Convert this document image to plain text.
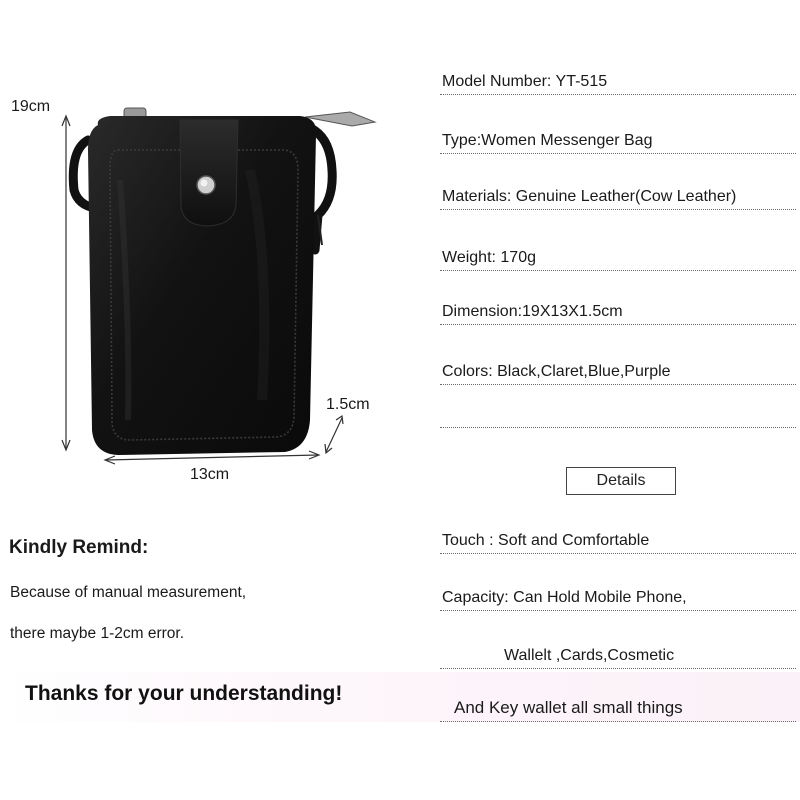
19cm
13cm
1.5cm
Model Number: YT-515
Type:Women Messenger Bag
Materials: Genuine Leather(Cow Leather)
Weight: 170g
Dimension:19X13X1.5cm
Colors: Black,Claret,Blue,Purple
Details
Touch : Soft and Comfortable
Capacity: Can Hold Mobile Phone,
Wallelt ,Cards,Cosmetic
And Key wallet all small things
Kindly Remind:
Because of manual measurement,
there maybe 1-2cm error.
Thanks for your understanding!
